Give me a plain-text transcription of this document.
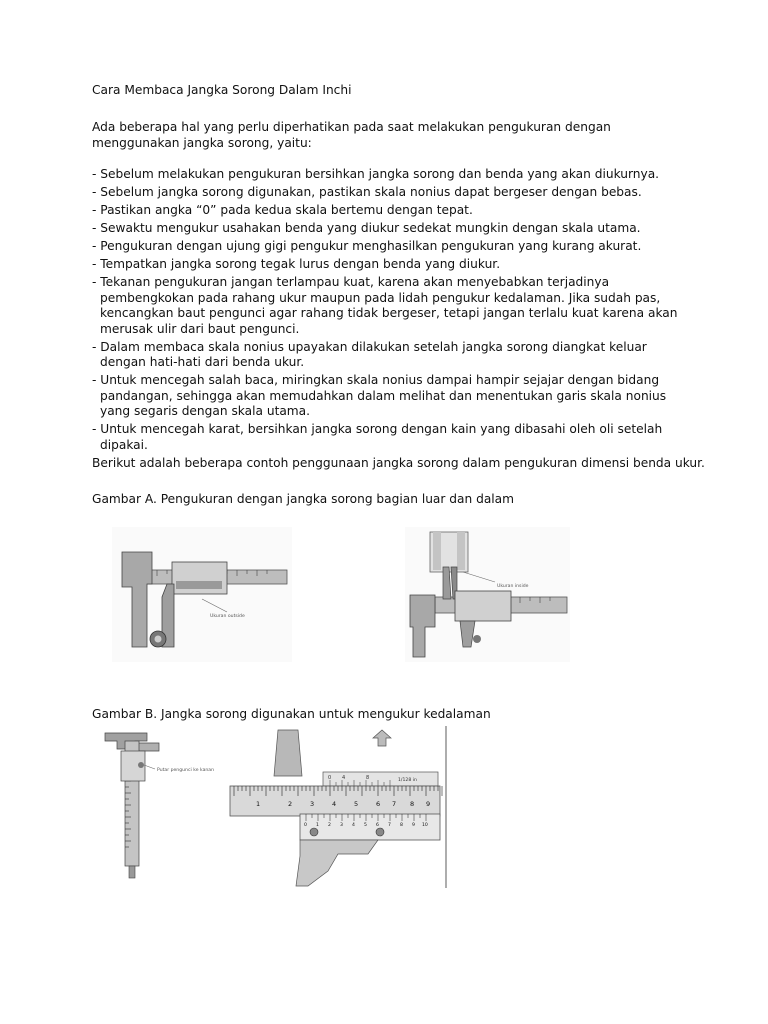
Cara Membaca Jangka Sorong Dalam Inchi

Ada beberapa hal yang perlu diperhatikan pada saat melakukan pengukuran dengan menggunakan jangka sorong, yaitu:

- Sebelum melakukan pengukuran bersihkan jangka sorong dan benda yang akan diukurnya.
- Sebelum jangka sorong digunakan, pastikan skala nonius dapat bergeser dengan bebas.
- Pastikan angka “0” pada kedua skala bertemu dengan tepat.
- Sewaktu mengukur usahakan benda yang diukur sedekat mungkin dengan skala utama.
- Pengukuran dengan ujung gigi pengukur menghasilkan pengukuran yang kurang akurat.
- Tempatkan jangka sorong tegak lurus dengan benda yang diukur.
- Tekanan pengukuran jangan terlampau kuat, karena akan menyebabkan terjadinya pembengkokan pada rahang ukur maupun pada lidah pengukur kedalaman. Jika sudah pas, kencangkan baut pengunci agar rahang tidak bergeser, tetapi jangan terlalu kuat karena akan merusak ulir dari baut pengunci.
- Dalam membaca skala nonius upayakan dilakukan setelah jangka sorong diangkat keluar dengan hati-hati dari benda ukur.
- Untuk mencegah salah baca, miringkan skala nonius dampai hampir sejajar dengan bidang pandangan, sehingga akan memudahkan dalam melihat dan menentukan garis skala nonius yang segaris dengan skala utama.
- Untuk mencegah karat, bersihkan jangka sorong dengan kain yang dibasahi oleh oli setelah dipakai.

Berikut adalah beberapa contoh penggunaan jangka sorong dalam pengukuran dimensi benda ukur.

Gambar A. Pengukuran dengan jangka sorong bagian luar dan dalam

Ukuran outside
Ukuran inside

Gambar B. Jangka sorong digunakan untuk mengukur kedalaman

Putar pengunci ke kanan
0 4	8	1/128 in
1	2	3	4	5	6 7 8 9
0 1 2 3 4 5 6 7 8 9 10
